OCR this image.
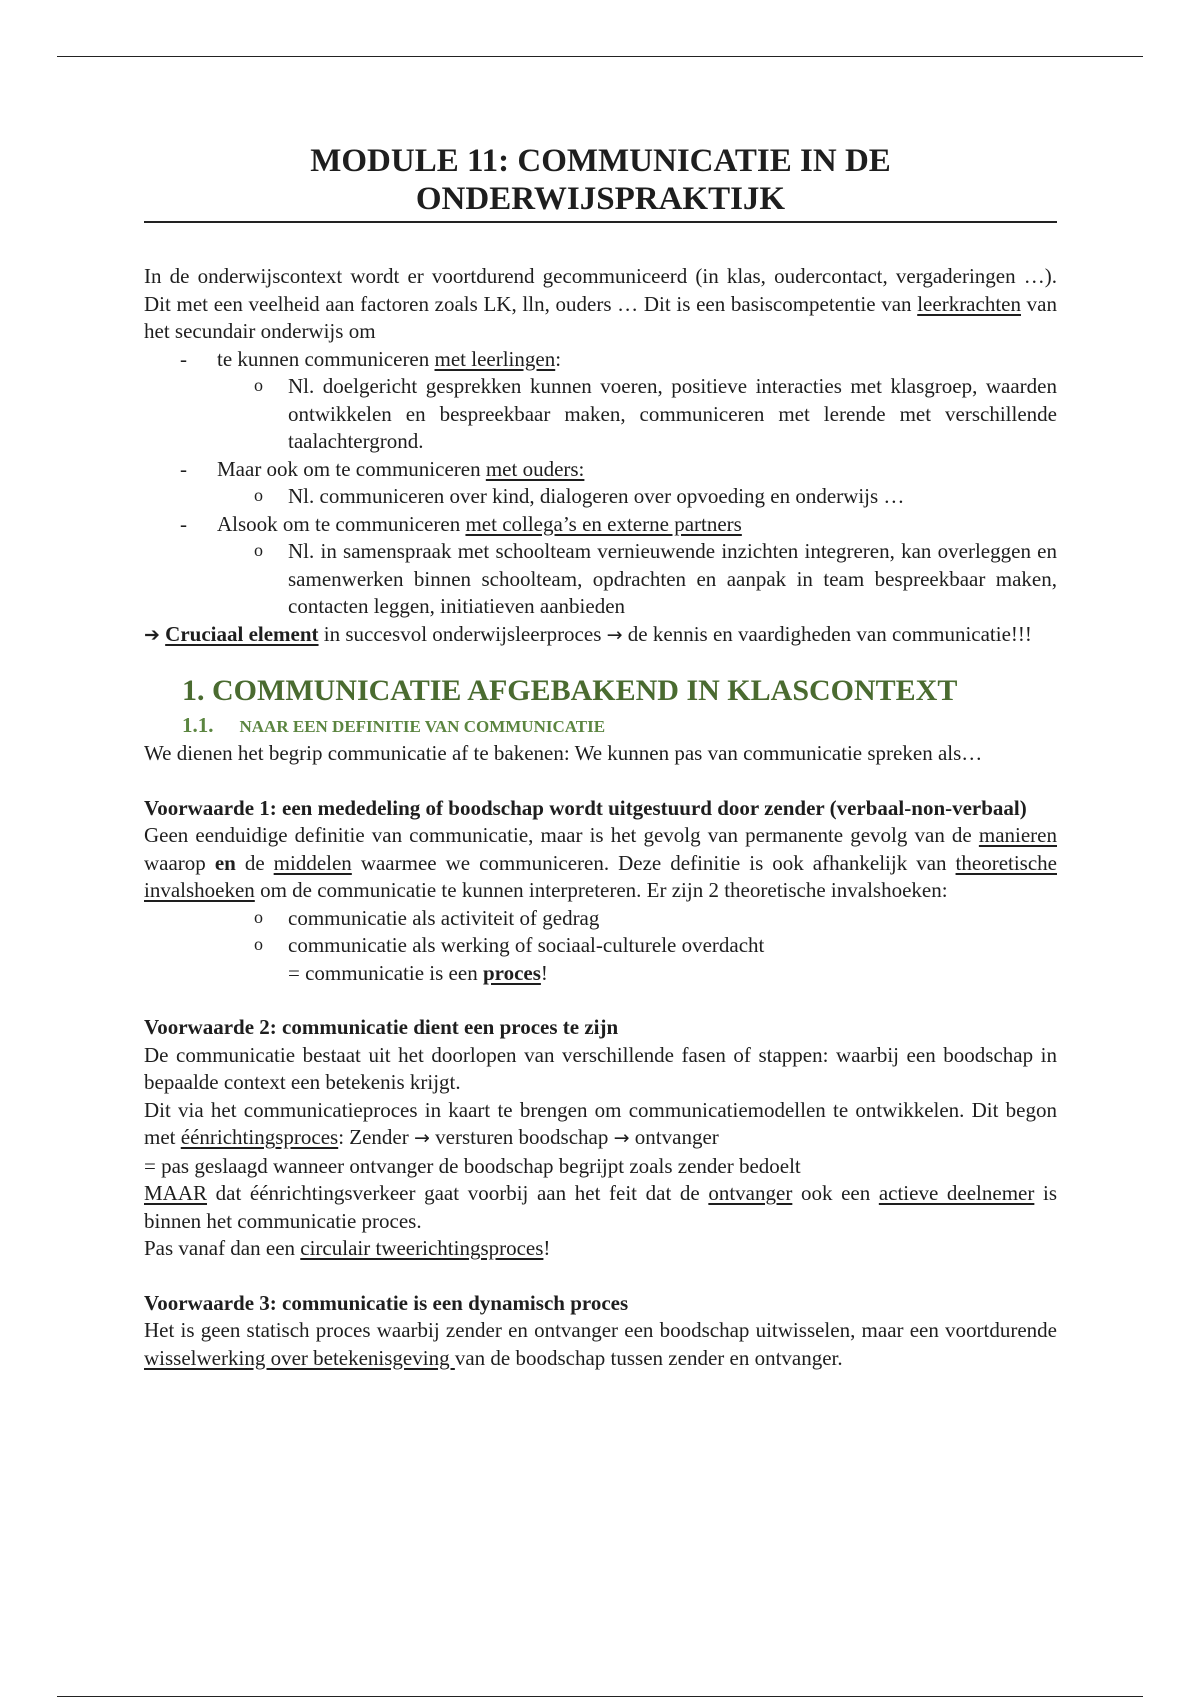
MODULE 11: COMMUNICATIE IN DE
ONDERWIJSPRAKTIJK

In de onderwijscontext wordt er voortdurend gecommuniceerd (in klas, oudercontact, vergaderingen …). Dit met een veelheid aan factoren zoals LK, lln, ouders … Dit is een basiscompetentie van leerkrachten van het secundair onderwijs om

- te kunnen communiceren met leerlingen:
o Nl. doelgericht gesprekken kunnen voeren, positieve interacties met klasgroep, waarden ontwikkelen en bespreekbaar maken, communiceren met lerende met verschillende taalachtergrond.
- Maar ook om te communiceren met ouders:
o Nl. communiceren over kind, dialogeren over opvoeding en onderwijs …
- Alsook om te communiceren met collega’s en externe partners
o Nl. in samenspraak met schoolteam vernieuwende inzichten integreren, kan overleggen en samenwerken binnen schoolteam, opdrachten en aanpak in team bespreekbaar maken, contacten leggen, initiatieven aanbieden

➔ Cruciaal element in succesvol onderwijsleerproces → de kennis en vaardigheden van communicatie!!!

1. COMMUNICATIE AFGEBAKEND IN KLASCONTEXT
1.1. NAAR EEN DEFINITIE VAN COMMUNICATIE

We dienen het begrip communicatie af te bakenen: We kunnen pas van communicatie spreken als…

Voorwaarde 1: een mededeling of boodschap wordt uitgestuurd door zender (verbaal-non-verbaal)

Geen eenduidige definitie van communicatie, maar is het gevolg van permanente gevolg van de manieren waarop en de middelen waarmee we communiceren. Deze definitie is ook afhankelijk van theoretische invalshoeken om de communicatie te kunnen interpreteren. Er zijn 2 theoretische invalshoeken:

o communicatie als activiteit of gedrag
o communicatie als werking of sociaal-culturele overdacht
= communicatie is een proces!

Voorwaarde 2: communicatie dient een proces te zijn

De communicatie bestaat uit het doorlopen van verschillende fasen of stappen: waarbij een boodschap in bepaalde context een betekenis krijgt.

Dit via het communicatieproces in kaart te brengen om communicatiemodellen te ontwikkelen. Dit begon met éénrichtingsproces: Zender → versturen boodschap → ontvanger

= pas geslaagd wanneer ontvanger de boodschap begrijpt zoals zender bedoelt

MAAR dat éénrichtingsverkeer gaat voorbij aan het feit dat de ontvanger ook een actieve deelnemer is binnen het communicatie proces.

Pas vanaf dan een circulair tweerichtingsproces!

Voorwaarde 3: communicatie is een dynamisch proces

Het is geen statisch proces waarbij zender en ontvanger een boodschap uitwisselen, maar een voortdurende wisselwerking over betekenisgeving van de boodschap tussen zender en ontvanger.
